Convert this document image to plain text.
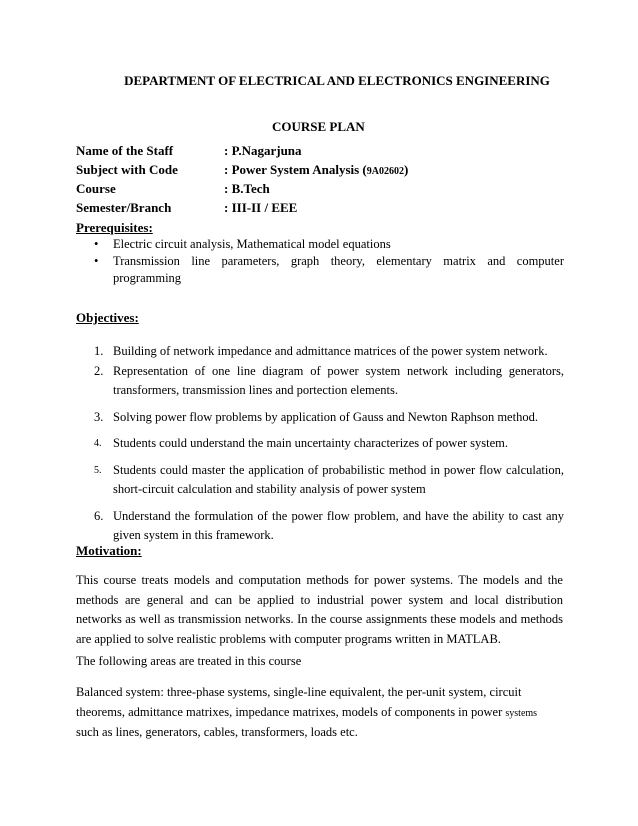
DEPARTMENT OF ELECTRICAL AND ELECTRONICS ENGINEERING
COURSE PLAN
Name of the Staff	: P.Nagarjuna
Subject with Code	: Power System Analysis (9A02602)
Course	: B.Tech
Semester/Branch	: III-II / EEE
Prerequisites:
• Electric circuit analysis, Mathematical model equations
• Transmission line parameters, graph theory, elementary matrix and computer programming
Objectives:
1. Building of network impedance and admittance matrices of the power system network.
2. Representation of one line diagram of power system network including generators, transformers, transmission lines and portection elements.
3. Solving power flow problems by application of Gauss and Newton Raphson method.
4. Students could understand the main uncertainty characterizes of power system.
5. Students could master the application of probabilistic method in power flow calculation, short-circuit calculation and stability analysis of power system
6. Understand the formulation of the power flow problem, and have the ability to cast any given system in this framework.
Motivation:
This course treats models and computation methods for power systems. The models and the methods are general and can be applied to industrial power system and local distribution networks as well as transmission networks. In the course assignments these models and methods are applied to solve realistic problems with computer programs written in MATLAB.
The following areas are treated in this course
Balanced system: three-phase systems, single-line equivalent, the per-unit system, circuit
theorems, admittance matrixes, impedance matrixes, models of components in power systems
such as lines, generators, cables, transformers, loads etc.
